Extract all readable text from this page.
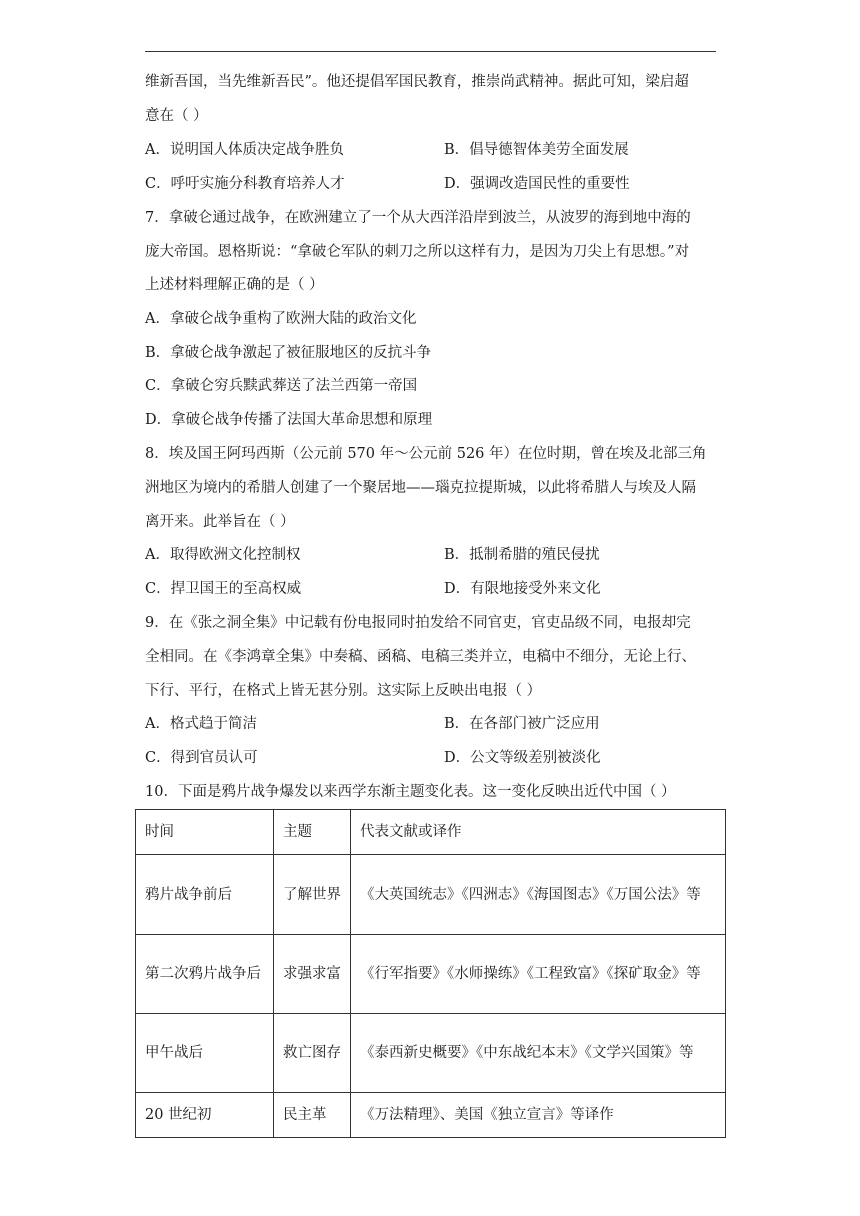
维新吾国，当先维新吾民”。他还提倡军国民教育，推崇尚武精神。据此可知，梁启超
意在（ ）
A．说明国人体质决定战争胜负	B．倡导德智体美劳全面发展
C．呼吁实施分科教育培养人才	D．强调改造国民性的重要性
7．拿破仑通过战争，在欧洲建立了一个从大西洋沿岸到波兰，从波罗的海到地中海的
庞大帝国。恩格斯说：“拿破仑军队的刺刀之所以这样有力，是因为刀尖上有思想。”对
上述材料理解正确的是（ ）
A．拿破仑战争重构了欧洲大陆的政治文化
B．拿破仑战争激起了被征服地区的反抗斗争
C．拿破仑穷兵黩武葬送了法兰西第一帝国
D．拿破仑战争传播了法国大革命思想和原理
8．埃及国王阿玛西斯（公元前 570 年～公元前 526 年）在位时期，曾在埃及北部三角
洲地区为境内的希腊人创建了一个聚居地——瑙克拉提斯城，以此将希腊人与埃及人隔
离开来。此举旨在（ ）
A．取得欧洲文化控制权	B．抵制希腊的殖民侵扰
C．捍卫国王的至高权威	D．有限地接受外来文化
9．在《张之洞全集》中记载有份电报同时拍发给不同官吏，官吏品级不同，电报却完
全相同。在《李鸿章全集》中奏稿、函稿、电稿三类并立，电稿中不细分，无论上行、
下行、平行，在格式上皆无甚分别。这实际上反映出电报（ ）
A．格式趋于简洁	B．在各部门被广泛应用
C．得到官员认可	D．公文等级差别被淡化
10．下面是鸦片战争爆发以来西学东渐主题变化表。这一变化反映出近代中国（ ）
时间	主题	代表文献或译作
鸦片战争前后	了解世界	《大英国统志》《四洲志》《海国图志》《万国公法》等
第二次鸦片战争后	求强求富	《行军指要》《水师操练》《工程致富》《探矿取金》等
甲午战后	救亡图存	《泰西新史概要》《中东战纪本末》《文学兴国策》等
20 世纪初	民主革	《万法精理》、美国《独立宣言》等译作
